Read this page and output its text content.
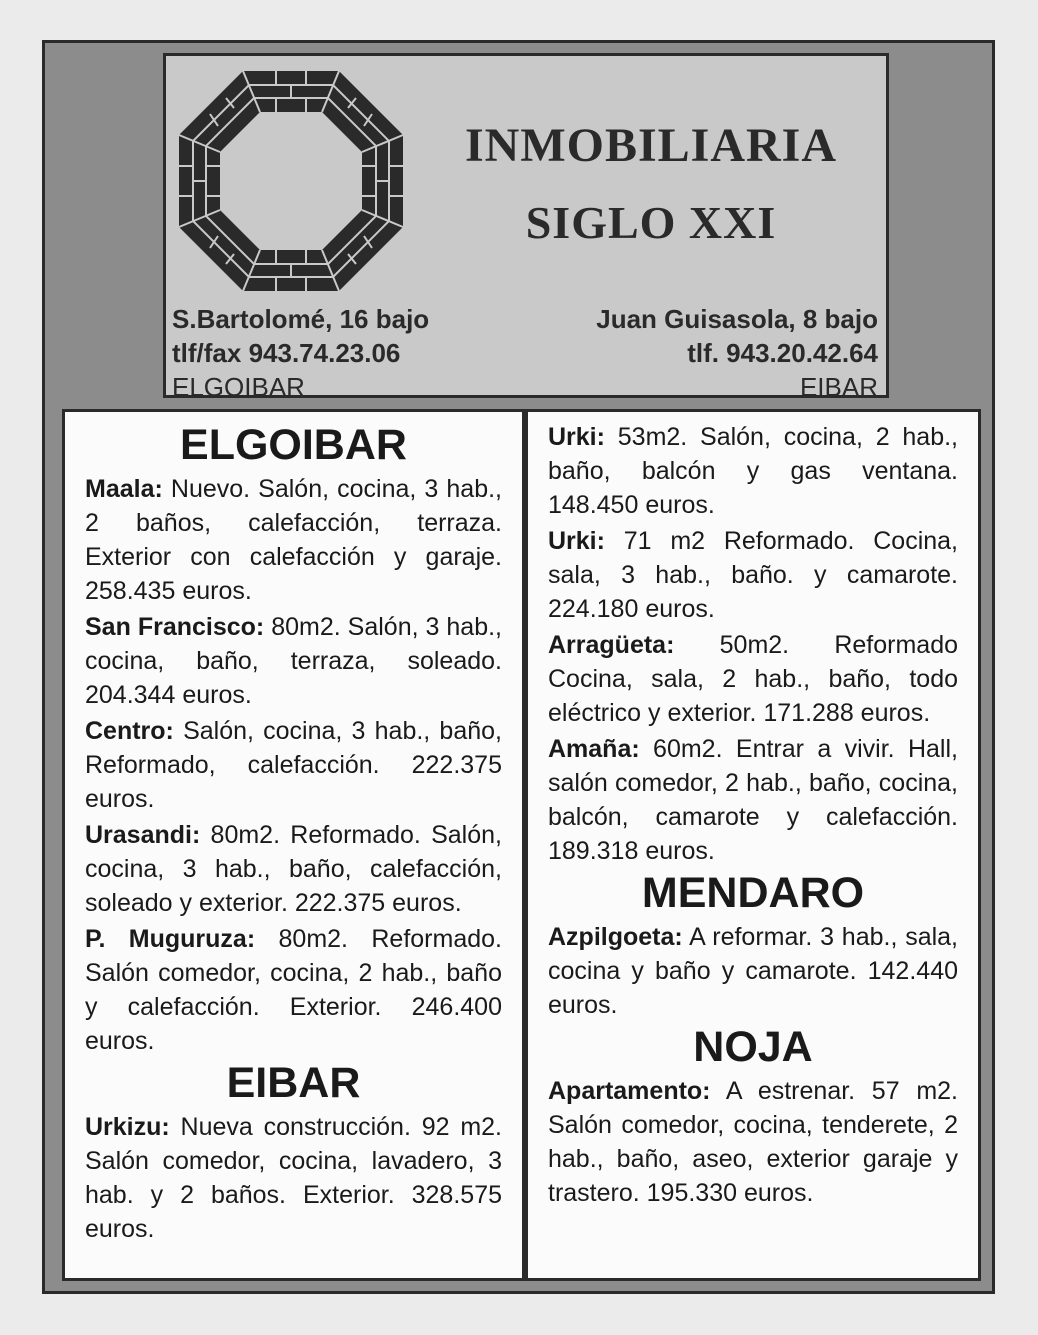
INMOBILIARIA
SIGLO XXI
S.Bartolomé, 16 bajo
tlf/fax 943.74.23.06
ELGOIBAR
Juan Guisasola, 8 bajo
tlf. 943.20.42.64
EIBAR
ELGOIBAR

Maala: Nuevo. Salón, cocina, 3 hab., 2 baños, calefacción, terraza. Exterior con calefacción y garaje. 258.435 euros.

San Francisco: 80m2. Salón, 3 hab., cocina, baño, terraza, soleado. 204.344 euros.

Centro: Salón, cocina, 3 hab., baño, Reformado, calefacción. 222.375 euros.

Urasandi: 80m2. Reformado. Salón, cocina, 3 hab., baño, calefacción, soleado y exterior. 222.375 euros.

P. Muguruza: 80m2. Reformado. Salón comedor, cocina, 2 hab., baño y calefacción. Exterior. 246.400 euros.

EIBAR

Urkizu: Nueva construcción. 92 m2. Salón comedor, cocina, lavadero, 3 hab. y 2 baños. Exterior. 328.575 euros.

Urki: 53m2. Salón, cocina, 2 hab., baño, balcón y gas ventana. 148.450 euros.

Urki: 71 m2 Reformado. Cocina, sala, 3 hab., baño. y camarote. 224.180 euros.

Arragüeta: 50m2. Reformado Cocina, sala, 2 hab., baño, todo eléctrico y exterior. 171.288 euros.

Amaña: 60m2. Entrar a vivir. Hall, salón comedor, 2 hab., baño, cocina, balcón, camarote y calefacción. 189.318 euros.

MENDARO

Azpilgoeta: A reformar. 3 hab., sala, cocina y baño y camarote. 142.440 euros.

NOJA

Apartamento: A estrenar. 57 m2. Salón comedor, cocina, tenderete, 2 hab., baño, aseo, exterior garaje y trastero. 195.330 euros.
